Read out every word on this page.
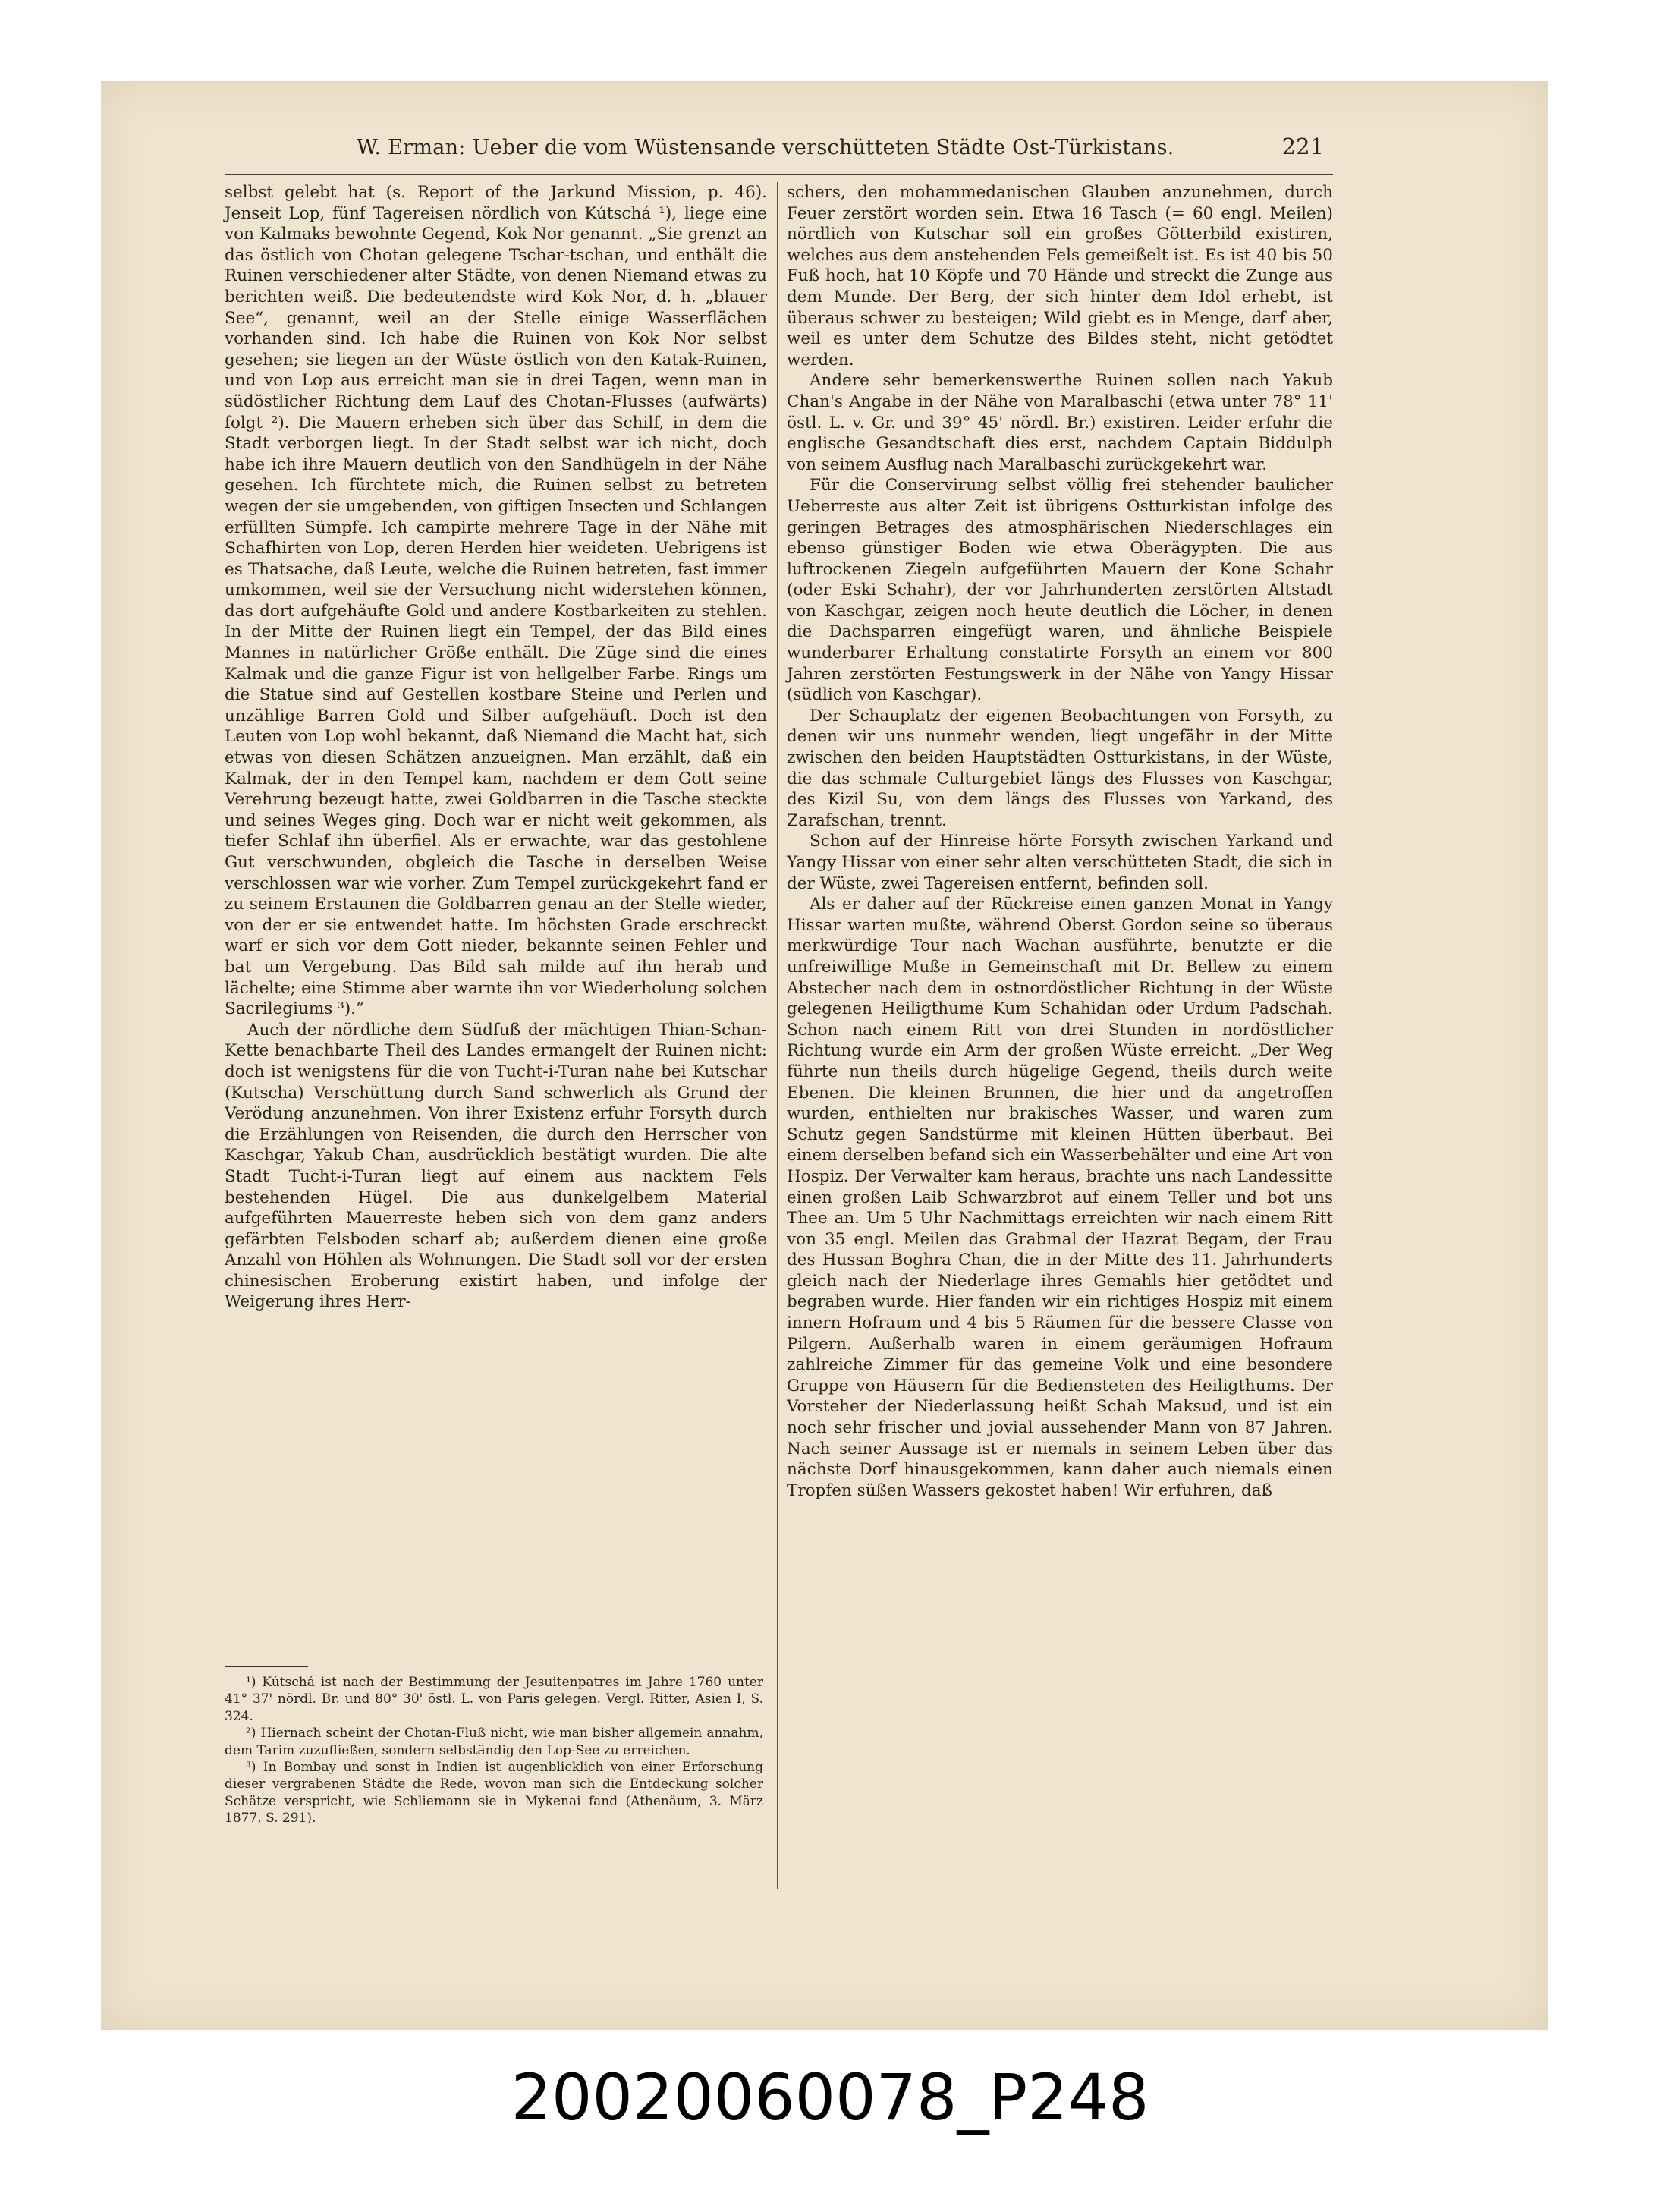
W. Erman: Ueber die vom Wüstensande verschütteten Städte Ost-Türkistans.	221

selbst gelebt hat (s. Report of the Jarkund Mission, p. 46). Jenseit Lop, fünf Tagereisen nördlich von Kútschá ¹), liege eine von Kalmaks bewohnte Gegend, Kok Nor genannt. „Sie grenzt an das östlich von Chotan gelegene Tschar-tschan, und enthält die Ruinen verschiedener alter Städte, von denen Niemand etwas zu berichten weiß. Die bedeutendste wird Kok Nor, d. h. „blauer See“, genannt, weil an der Stelle einige Wasserflächen vorhanden sind. Ich habe die Ruinen von Kok Nor selbst gesehen; sie liegen an der Wüste östlich von den Katak-Ruinen, und von Lop aus erreicht man sie in drei Tagen, wenn man in südöstlicher Richtung dem Lauf des Chotan-Flusses (aufwärts) folgt ²). Die Mauern erheben sich über das Schilf, in dem die Stadt verborgen liegt. In der Stadt selbst war ich nicht, doch habe ich ihre Mauern deutlich von den Sandhügeln in der Nähe gesehen. Ich fürchtete mich, die Ruinen selbst zu betreten wegen der sie umgebenden, von giftigen Insecten und Schlangen erfüllten Sümpfe. Ich campirte mehrere Tage in der Nähe mit Schafhirten von Lop, deren Herden hier weideten. Uebrigens ist es Thatsache, daß Leute, welche die Ruinen betreten, fast immer umkommen, weil sie der Versuchung nicht widerstehen können, das dort aufgehäufte Gold und andere Kostbarkeiten zu stehlen. In der Mitte der Ruinen liegt ein Tempel, der das Bild eines Mannes in natürlicher Größe enthält. Die Züge sind die eines Kalmak und die ganze Figur ist von hellgelber Farbe. Rings um die Statue sind auf Gestellen kostbare Steine und Perlen und unzählige Barren Gold und Silber aufgehäuft. Doch ist den Leuten von Lop wohl bekannt, daß Niemand die Macht hat, sich etwas von diesen Schätzen anzueignen. Man erzählt, daß ein Kalmak, der in den Tempel kam, nachdem er dem Gott seine Verehrung bezeugt hatte, zwei Goldbarren in die Tasche steckte und seines Weges ging. Doch war er nicht weit gekommen, als tiefer Schlaf ihn überfiel. Als er erwachte, war das gestohlene Gut verschwunden, obgleich die Tasche in derselben Weise verschlossen war wie vorher. Zum Tempel zurückgekehrt fand er zu seinem Erstaunen die Goldbarren genau an der Stelle wieder, von der er sie entwendet hatte. Im höchsten Grade erschreckt warf er sich vor dem Gott nieder, bekannte seinen Fehler und bat um Vergebung. Das Bild sah milde auf ihn herab und lächelte; eine Stimme aber warnte ihn vor Wiederholung solchen Sacrilegiums ³).“

Auch der nördliche dem Südfuß der mächtigen Thian-Schan-Kette benachbarte Theil des Landes ermangelt der Ruinen nicht: doch ist wenigstens für die von Tucht-i-Turan nahe bei Kutschar (Kutscha) Verschüttung durch Sand schwerlich als Grund der Verödung anzunehmen. Von ihrer Existenz erfuhr Forsyth durch die Erzählungen von Reisenden, die durch den Herrscher von Kaschgar, Yakub Chan, ausdrücklich bestätigt wurden. Die alte Stadt Tucht-i-Turan liegt auf einem aus nacktem Fels bestehenden Hügel. Die aus dunkelgelbem Material aufgeführten Mauerreste heben sich von dem ganz anders gefärbten Felsboden scharf ab; außerdem dienen eine große Anzahl von Höhlen als Wohnungen. Die Stadt soll vor der ersten chinesischen Eroberung existirt haben, und infolge der Weigerung ihres Herr-

¹) Kútschá ist nach der Bestimmung der Jesuitenpatres im Jahre 1760 unter 41° 37' nördl. Br. und 80° 30' östl. L. von Paris gelegen. Vergl. Ritter, Asien I, S. 324.

²) Hiernach scheint der Chotan-Fluß nicht, wie man bisher allgemein annahm, dem Tarim zuzufließen, sondern selbständig den Lop-See zu erreichen.

³) In Bombay und sonst in Indien ist augenblicklich von einer Erforschung dieser vergrabenen Städte die Rede, wovon man sich die Entdeckung solcher Schätze verspricht, wie Schliemann sie in Mykenai fand (Athenäum, 3. März 1877, S. 291).

schers, den mohammedanischen Glauben anzunehmen, durch Feuer zerstört worden sein. Etwa 16 Tasch (= 60 engl. Meilen) nördlich von Kutschar soll ein großes Götterbild existiren, welches aus dem anstehenden Fels gemeißelt ist. Es ist 40 bis 50 Fuß hoch, hat 10 Köpfe und 70 Hände und streckt die Zunge aus dem Munde. Der Berg, der sich hinter dem Idol erhebt, ist überaus schwer zu besteigen; Wild giebt es in Menge, darf aber, weil es unter dem Schutze des Bildes steht, nicht getödtet werden.

Andere sehr bemerkenswerthe Ruinen sollen nach Yakub Chan's Angabe in der Nähe von Maralbaschi (etwa unter 78° 11' östl. L. v. Gr. und 39° 45' nördl. Br.) existiren. Leider erfuhr die englische Gesandtschaft dies erst, nachdem Captain Biddulph von seinem Ausflug nach Maralbaschi zurückgekehrt war.

Für die Conservirung selbst völlig frei stehender baulicher Ueberreste aus alter Zeit ist übrigens Ostturkistan infolge des geringen Betrages des atmosphärischen Niederschlages ein ebenso günstiger Boden wie etwa Oberägypten. Die aus luftrockenen Ziegeln aufgeführten Mauern der Kone Schahr (oder Eski Schahr), der vor Jahrhunderten zerstörten Altstadt von Kaschgar, zeigen noch heute deutlich die Löcher, in denen die Dachsparren eingefügt waren, und ähnliche Beispiele wunderbarer Erhaltung constatirte Forsyth an einem vor 800 Jahren zerstörten Festungswerk in der Nähe von Yangy Hissar (südlich von Kaschgar).

Der Schauplatz der eigenen Beobachtungen von Forsyth, zu denen wir uns nunmehr wenden, liegt ungefähr in der Mitte zwischen den beiden Hauptstädten Ostturkistans, in der Wüste, die das schmale Culturgebiet längs des Flusses von Kaschgar, des Kizil Su, von dem längs des Flusses von Yarkand, des Zarafschan, trennt.

Schon auf der Hinreise hörte Forsyth zwischen Yarkand und Yangy Hissar von einer sehr alten verschütteten Stadt, die sich in der Wüste, zwei Tagereisen entfernt, befinden soll.

Als er daher auf der Rückreise einen ganzen Monat in Yangy Hissar warten mußte, während Oberst Gordon seine so überaus merkwürdige Tour nach Wachan ausführte, benutzte er die unfreiwillige Muße in Gemeinschaft mit Dr. Bellew zu einem Abstecher nach dem in ostnordöstlicher Richtung in der Wüste gelegenen Heiligthume Kum Schahidan oder Urdum Padschah. Schon nach einem Ritt von drei Stunden in nordöstlicher Richtung wurde ein Arm der großen Wüste erreicht. „Der Weg führte nun theils durch hügelige Gegend, theils durch weite Ebenen. Die kleinen Brunnen, die hier und da angetroffen wurden, enthielten nur brakisches Wasser, und waren zum Schutz gegen Sandstürme mit kleinen Hütten überbaut. Bei einem derselben befand sich ein Wasserbehälter und eine Art von Hospiz. Der Verwalter kam heraus, brachte uns nach Landessitte einen großen Laib Schwarzbrot auf einem Teller und bot uns Thee an. Um 5 Uhr Nachmittags erreichten wir nach einem Ritt von 35 engl. Meilen das Grabmal der Hazrat Begam, der Frau des Hussan Boghra Chan, die in der Mitte des 11. Jahrhunderts gleich nach der Niederlage ihres Gemahls hier getödtet und begraben wurde. Hier fanden wir ein richtiges Hospiz mit einem innern Hofraum und 4 bis 5 Räumen für die bessere Classe von Pilgern. Außerhalb waren in einem geräumigen Hofraum zahlreiche Zimmer für das gemeine Volk und eine besondere Gruppe von Häusern für die Bediensteten des Heiligthums. Der Vorsteher der Niederlassung heißt Schah Maksud, und ist ein noch sehr frischer und jovial aussehender Mann von 87 Jahren. Nach seiner Aussage ist er niemals in seinem Leben über das nächste Dorf hinausgekommen, kann daher auch niemals einen Tropfen süßen Wassers gekostet haben! Wir erfuhren, daß

20020060078_P248
